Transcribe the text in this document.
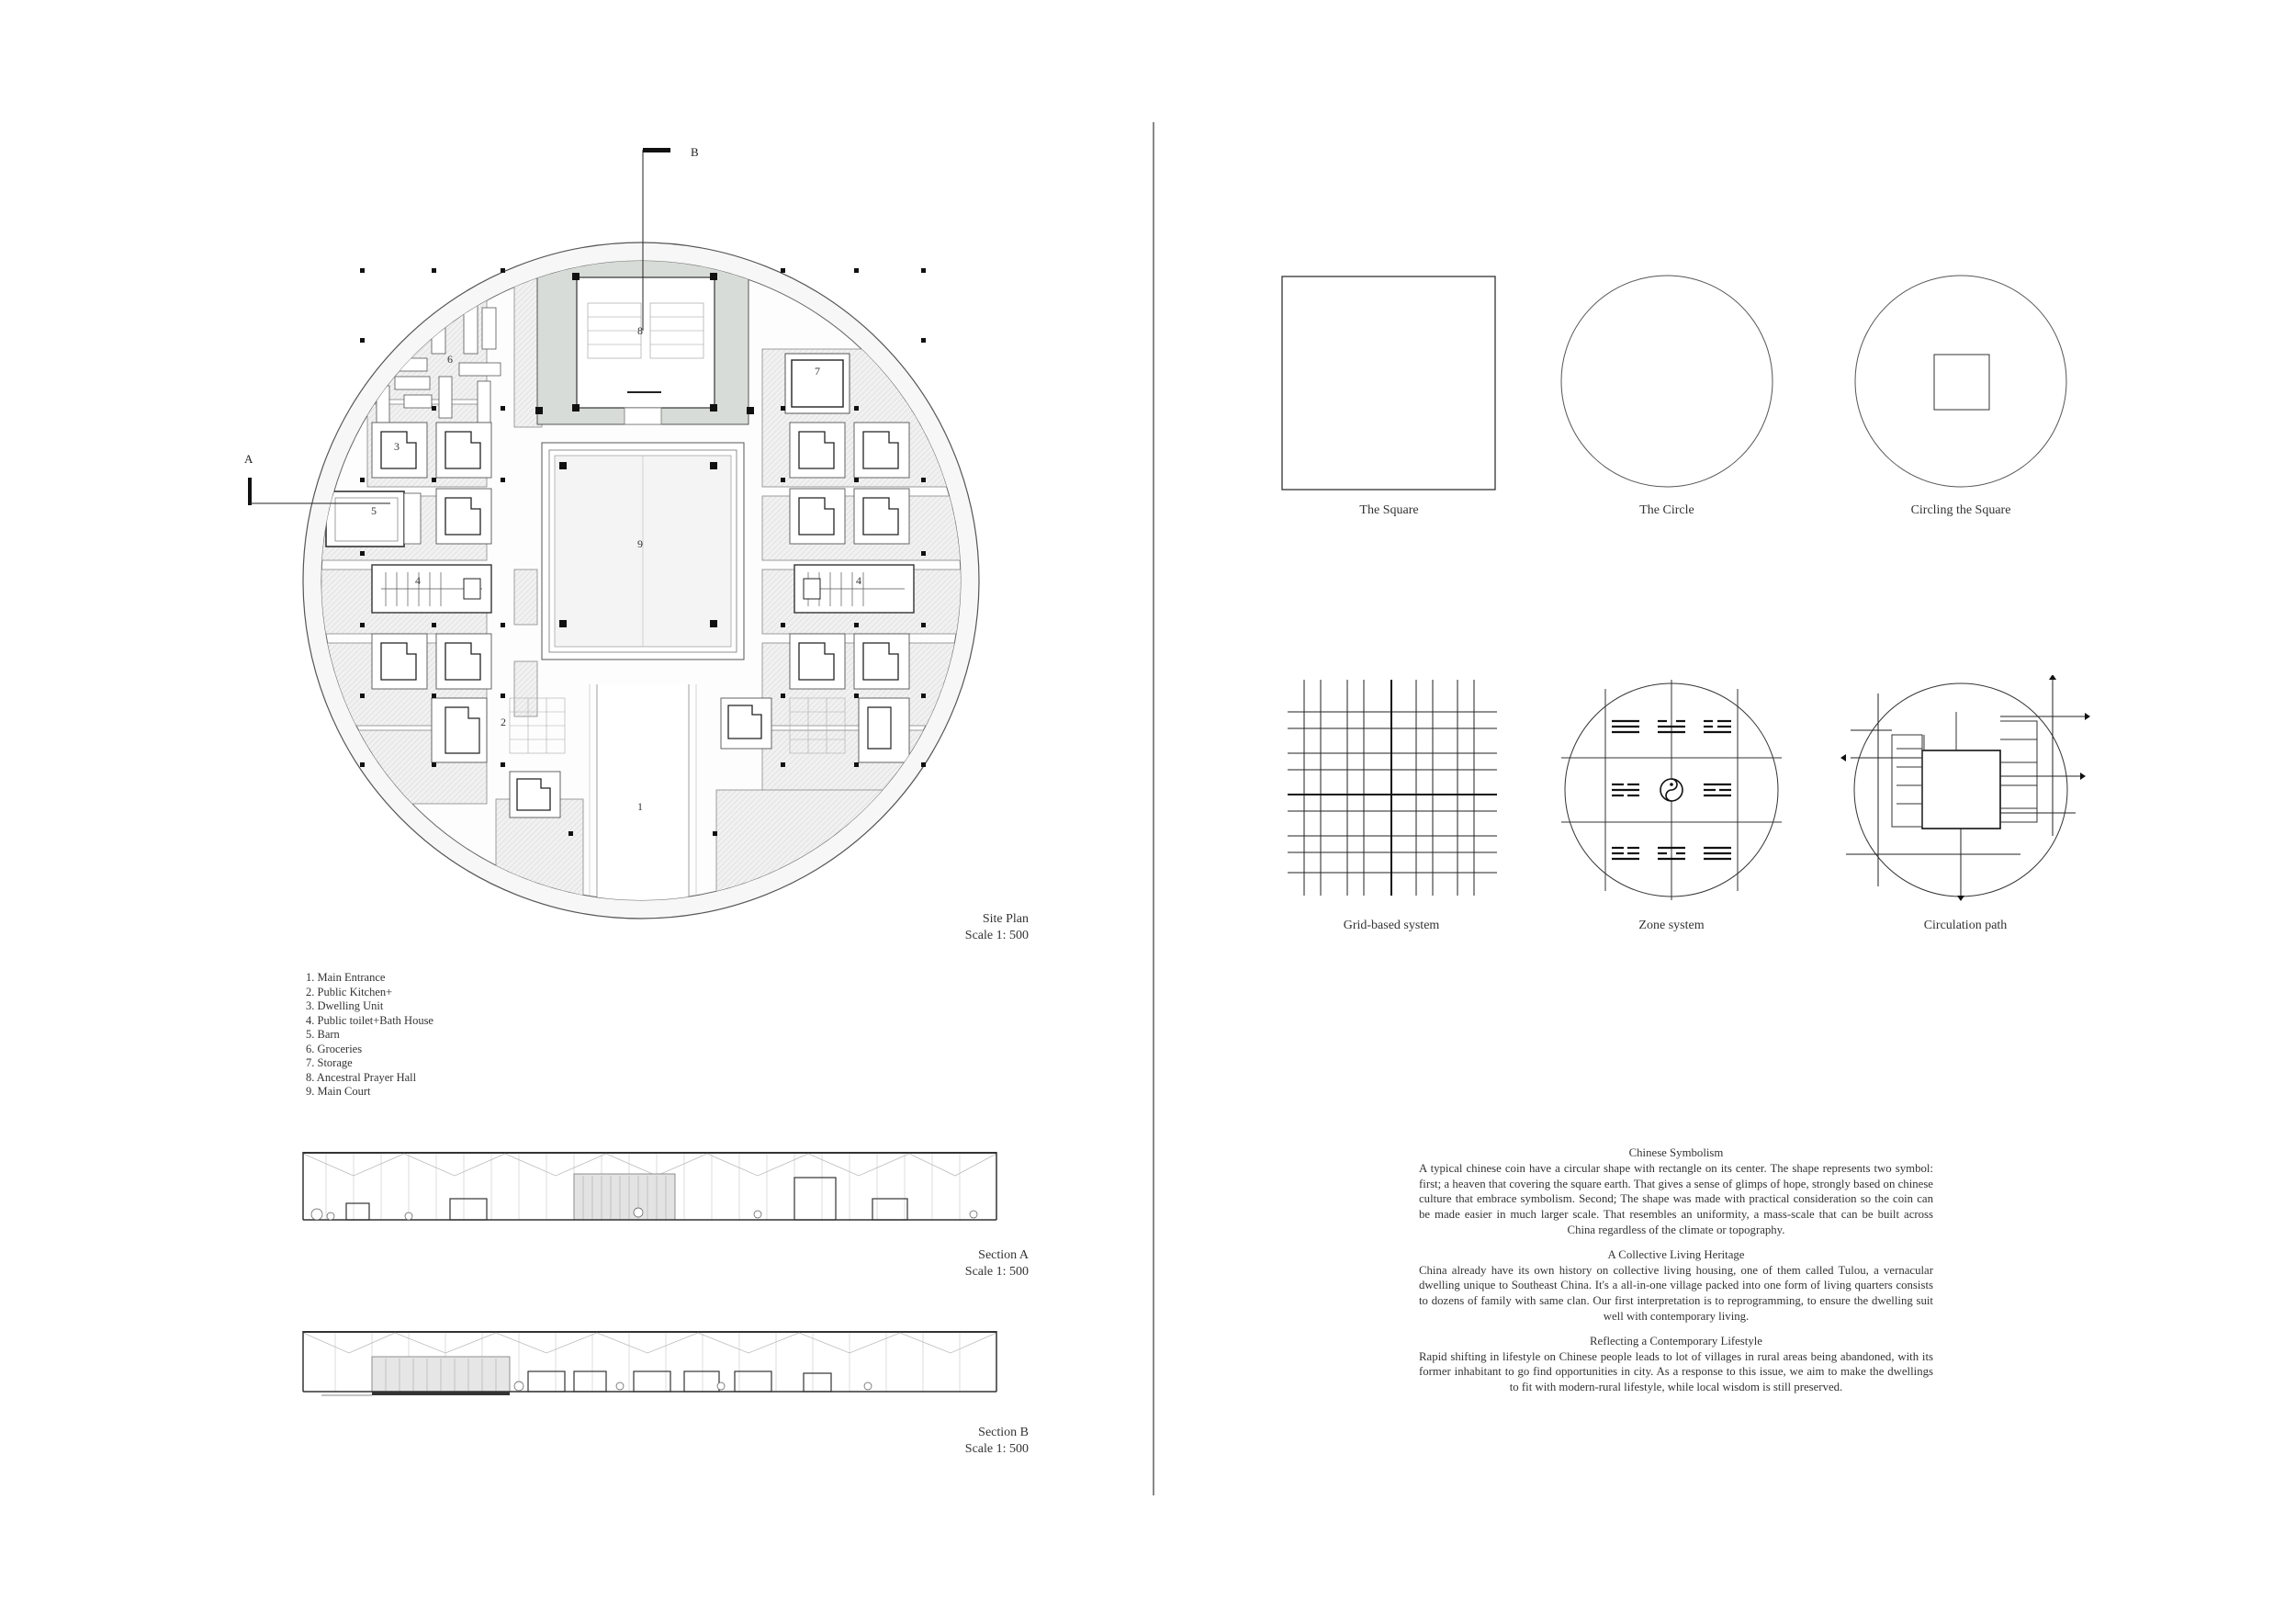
8
6
7
5
9
4	4
3
2
1
A
B
Site Plan
Scale 1: 500
1. Main Entrance
2. Public Kitchen+
3. Dwelling Unit
4. Public toilet+Bath House
5. Barn
6. Groceries
7. Storage
8. Ancestral Prayer Hall
9. Main Court
Section A
Scale 1: 500
Section B
Scale 1: 500
The Square	The Circle	Circling the Square
Grid-based system	Zone system	Circulation path
Chinese Symbolism

A typical chinese coin have a circular shape with rectangle on its center. The shape represents two symbol: first; a heaven that covering the square earth. That gives a sense of glimps of hope, strongly based on chinese culture that embrace symbolism. Second; The shape was made with practical consideration so the coin can be made easier in much larger scale. That resembles an uniformity, a mass-scale that can be built across China regardless of the climate or topography.

A Collective Living Heritage

China already have its own history on collective living housing, one of them called Tulou, a vernacular dwelling unique to Southeast China. It's a all-in-one village packed into one form of living quarters consists to dozens of family with same clan. Our first interpretation is to reprogramming, to ensure the dwelling suit well with contemporary living.

Reflecting a Contemporary Lifestyle

Rapid shifting in lifestyle on Chinese people leads to lot of villages in rural areas being abandoned, with its former inhabitant to go find opportunities in city. As a response to this issue, we aim to make the dwellings to fit with modern-rural lifestyle, while local wisdom is still preserved.
